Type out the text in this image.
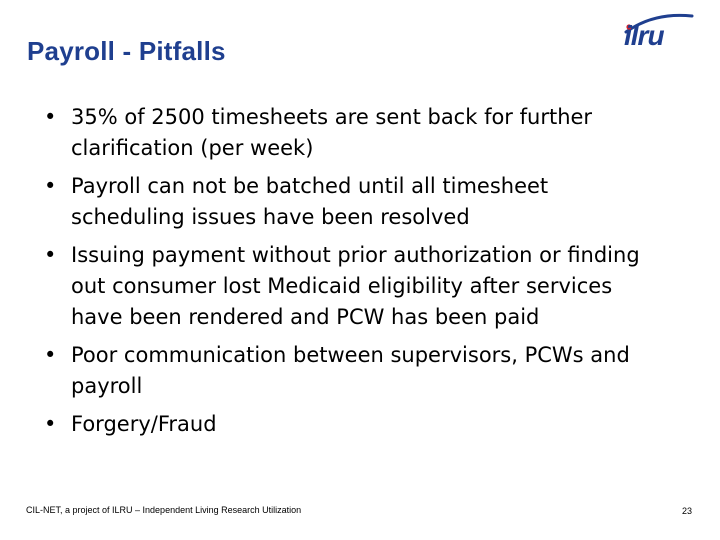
Payroll - Pitfalls	ilru
• 35% of 2500 timesheets are sent back for further clarification (per week)
• Payroll can not be batched until all timesheet scheduling issues have been resolved
• Issuing payment without prior authorization or finding out consumer lost Medicaid eligibility after services have been rendered and PCW has been paid
• Poor communication between supervisors, PCWs and payroll
• Forgery/Fraud
CIL-NET, a project of ILRU – Independent Living Research Utilization	23
